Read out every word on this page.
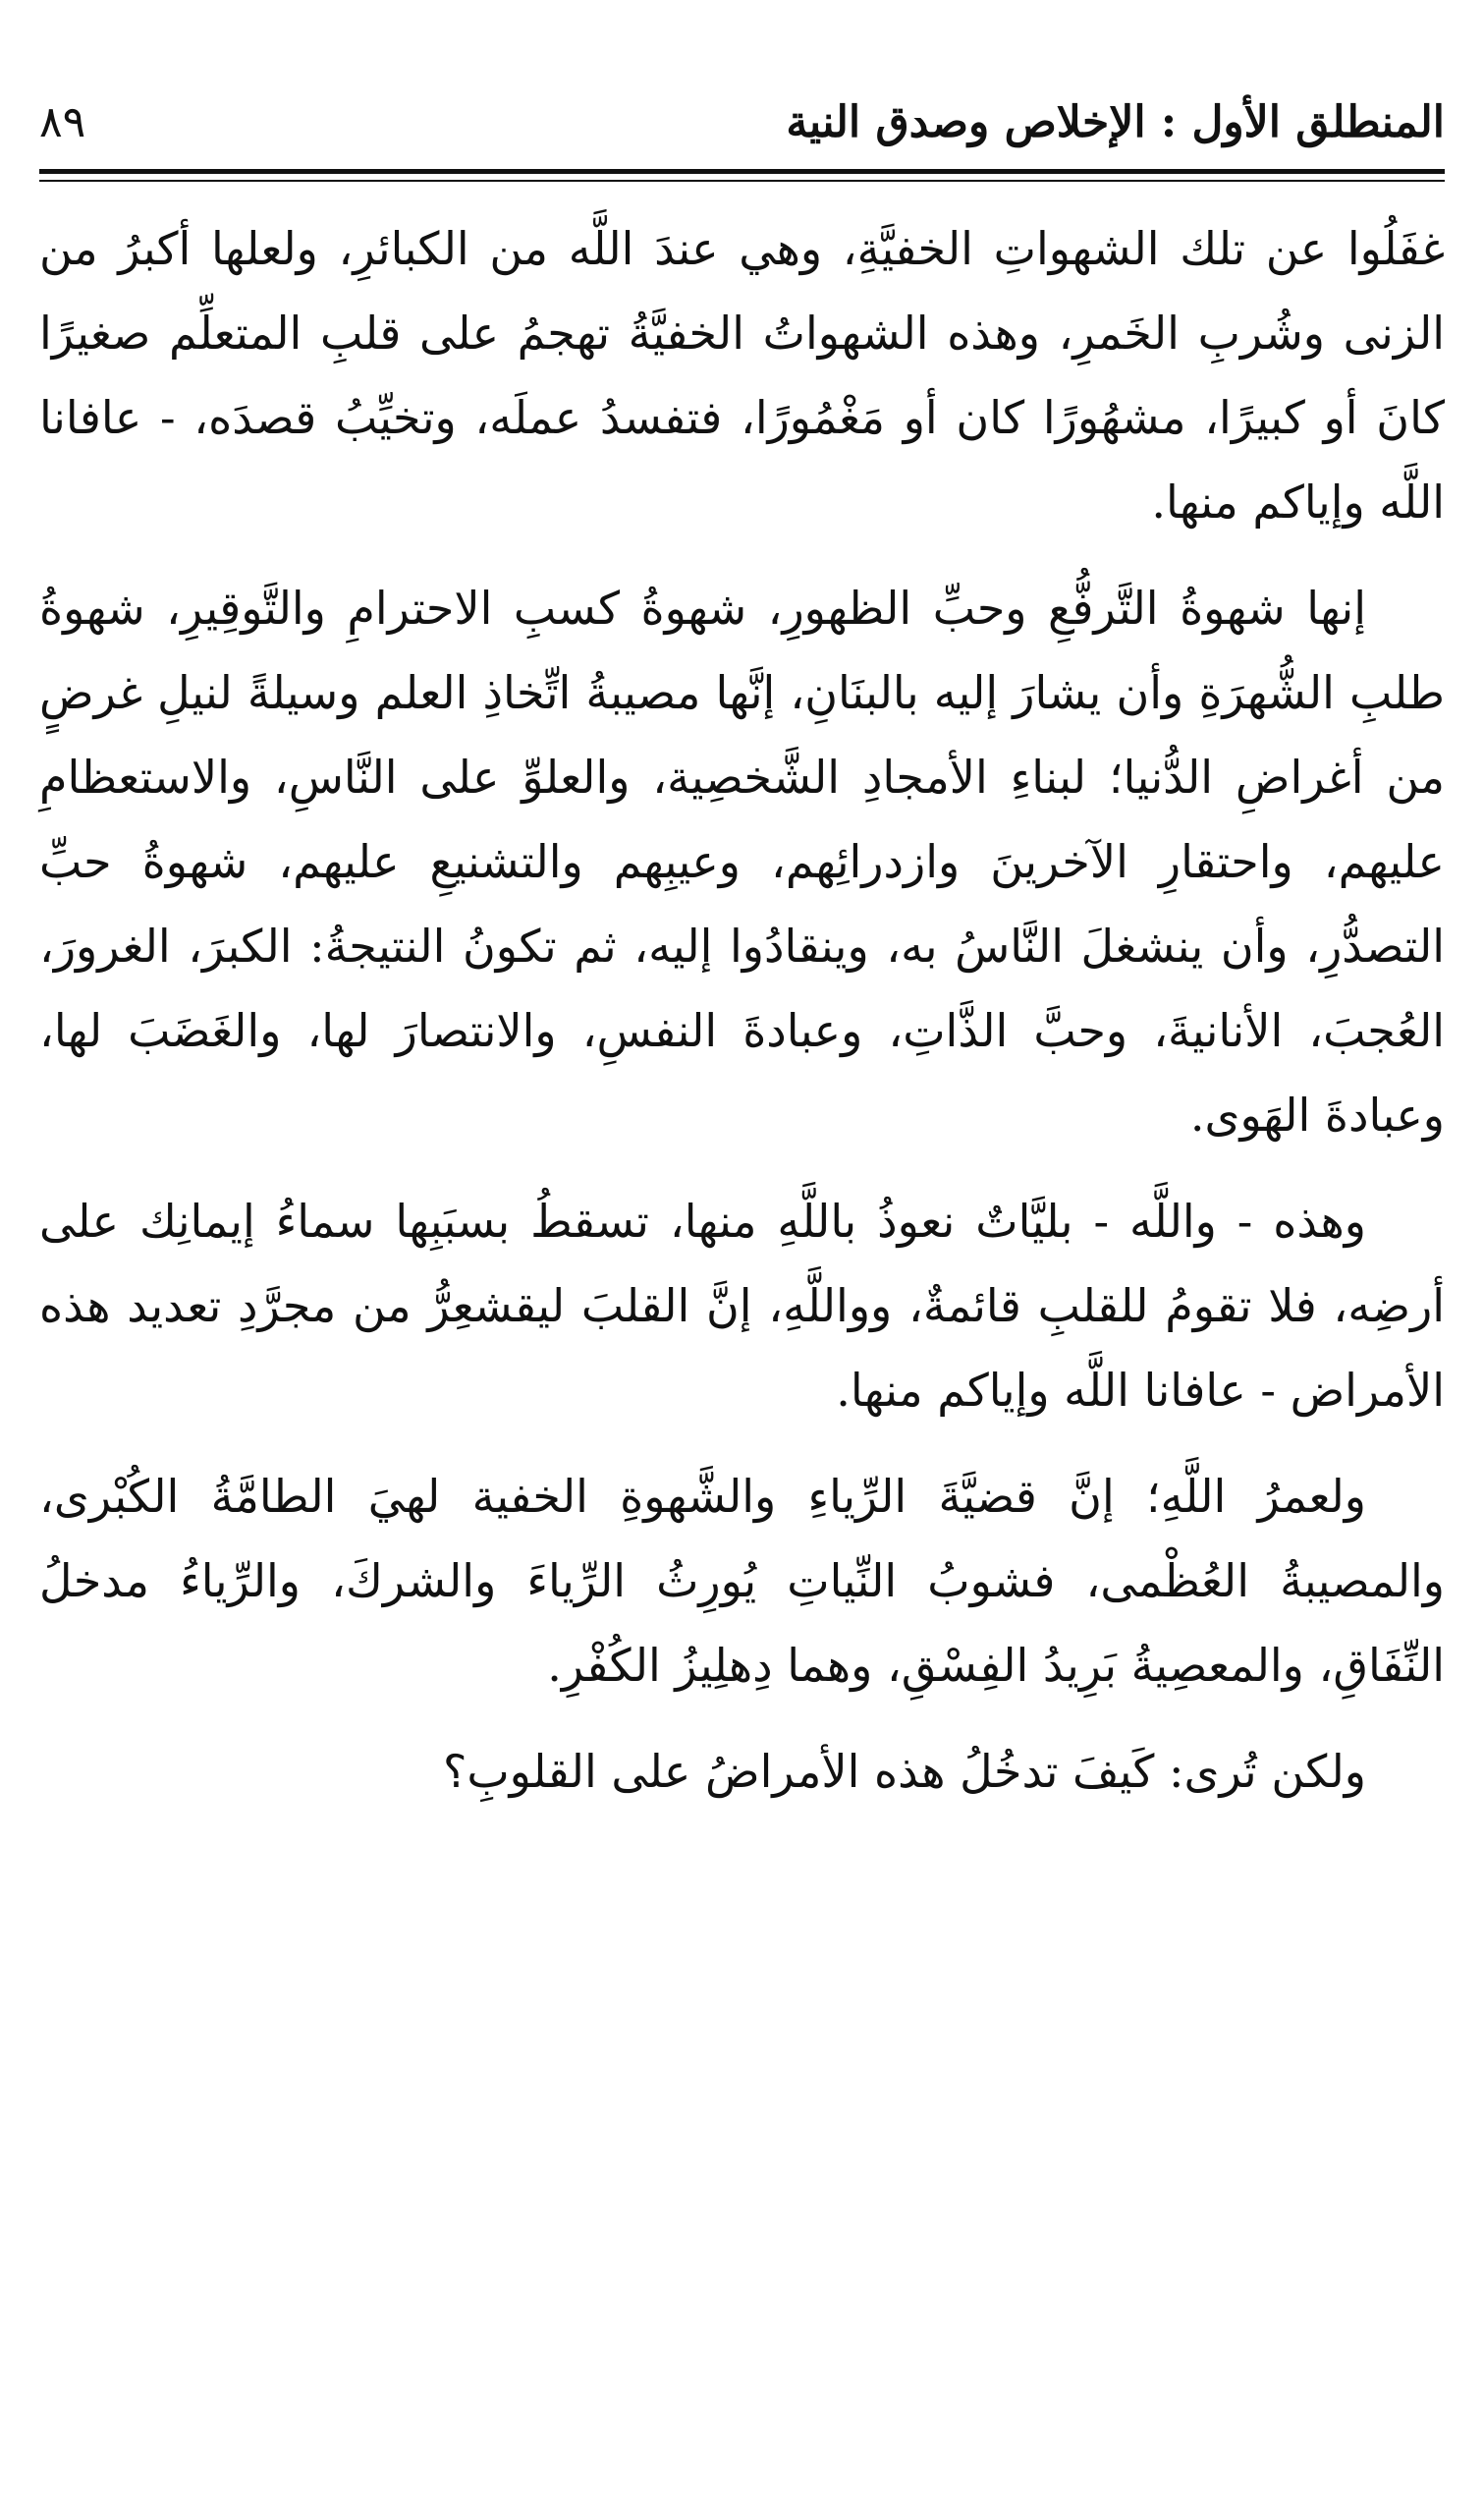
المنطلق الأول : الإخلاص وصدق النية
٨٩

غفَلُوا عن تلك الشهواتِ الخفيَّةِ، وهي عندَ اللَّه من الكبائرِ، ولعلها أكبرُ من الزنى وشُربِ الخَمرِ، وهذه الشهواتُ الخفيَّةُ تهجمُ على قلبِ المتعلِّم صغيرًا كانَ أو كبيرًا، مشهُورًا كان أو مَغْمُورًا، فتفسدُ عملَه، وتخيِّبُ قصدَه، - عافانا اللَّه وإياكم منها.

إنها شهوةُ التَّرفُّعِ وحبِّ الظهورِ، شهوةُ كسبِ الاحترامِ والتَّوقِيرِ، شهوةُ طلبِ الشُّهرَةِ وأن يشارَ إليه بالبنَانِ، إنَّها مصيبةُ اتِّخاذِ العلم وسيلةً لنيلِ غرضٍ من أغراضِ الدُّنيا؛ لبناءِ الأمجادِ الشَّخصِية، والعلوِّ على النَّاسِ، والاستعظامِ عليهم، واحتقارِ الآخرينَ وازدرائِهم، وعيبِهم والتشنيعِ عليهم، شهوةُ حبِّ التصدُّرِ، وأن ينشغلَ النَّاسُ به، وينقادُوا إليه، ثم تكونُ النتيجةُ: الكبرَ، الغرورَ، العُجبَ، الأنانيةَ، وحبَّ الذَّاتِ، وعبادةَ النفسِ، والانتصارَ لها، والغَضَبَ لها، وعبادةَ الهَوى.

وهذه - واللَّه - بليَّاتٌ نعوذُ باللَّهِ منها، تسقطُ بسبَبِها سماءُ إيمانِك على أرضِه، فلا تقومُ للقلبِ قائمةٌ، وواللَّهِ، إنَّ القلبَ ليقشعِرُّ من مجرَّدِ تعديد هذه الأمراض - عافانا اللَّه وإياكم منها.

ولعمرُ اللَّهِ؛ إنَّ قضيَّةَ الرِّياءِ والشَّهوةِ الخفية لهيَ الطامَّةُ الكُبْرى، والمصيبةُ العُظْمى، فشوبُ النِّياتِ يُورِثُ الرِّياءَ والشركَ، والرِّياءُ مدخلُ النِّفَاقِ، والمعصِيةُ بَرِيدُ الفِسْقِ، وهما دِهلِيزُ الكُفْرِ.

ولكن تُرى: كَيفَ تدخُلُ هذه الأمراضُ على القلوبِ؟
